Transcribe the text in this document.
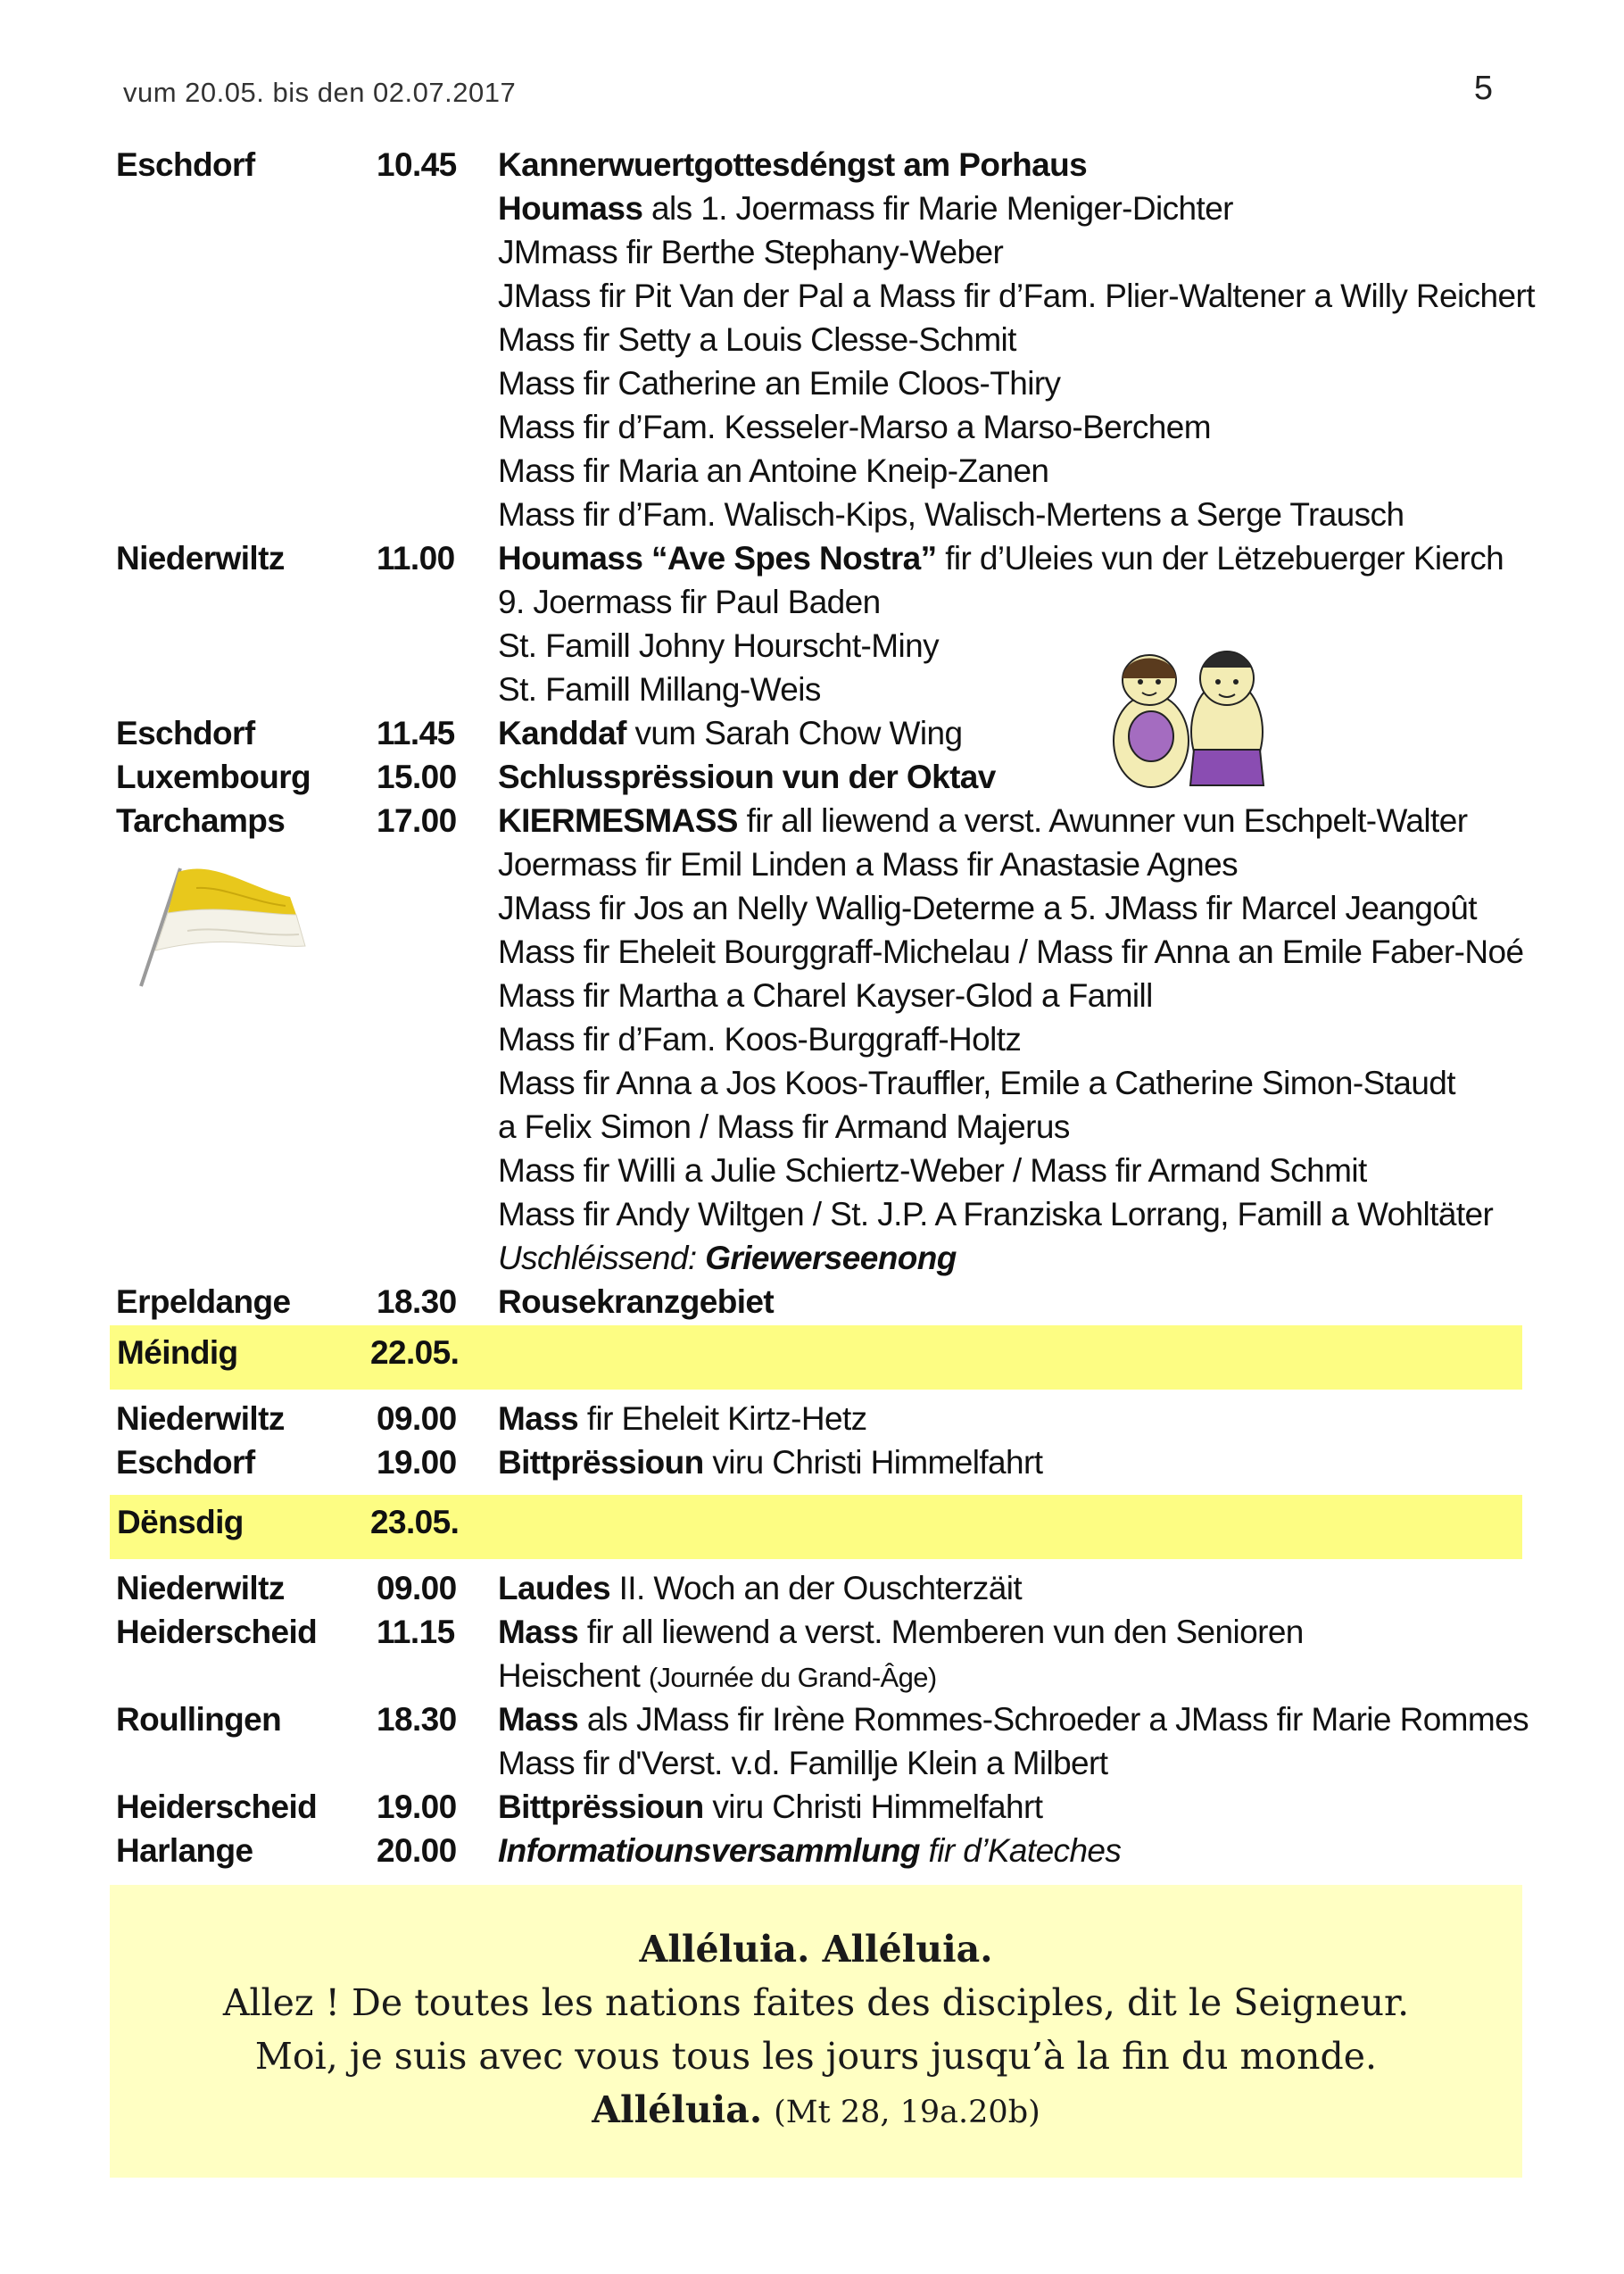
vum 20.05. bis den 02.07.2017	5
Eschdorf	10.45 Kannerwuertgottesdéngst am Porhaus
Houmass als 1. Joermass fir Marie Meniger-Dichter
JMmass fir Berthe Stephany-Weber
JMass fir Pit Van der Pal a Mass fir d’Fam. Plier-Waltener a Willy Reichert
Mass fir Setty a Louis Clesse-Schmit
Mass fir Catherine an Emile Cloos-Thiry
Mass fir d’Fam. Kesseler-Marso a Marso-Berchem
Mass fir Maria an Antoine Kneip-Zanen
Mass fir d’Fam. Walisch-Kips, Walisch-Mertens a Serge Trausch
Niederwiltz	11.00 Houmass “Ave Spes Nostra” fir d’Uleies vun der Lëtzebuerger Kierch
9. Joermass fir Paul Baden
St. Famill Johny Hourscht-Miny
St. Famill Millang-Weis
Eschdorf	11.45 Kanddaf vum Sarah Chow Wing
Luxembourg 15.00 Schlussprëssioun vun der Oktav
Tarchamps	17.00 KIERMESMASS fir all liewend a verst. Awunner vun Eschpelt-Walter
Joermass fir Emil Linden a Mass fir Anastasie Agnes
JMass fir Jos an Nelly Wallig-Determe a 5. JMass fir Marcel Jeangoût
Mass fir Eheleit Bourggraff-Michelau / Mass fir Anna an Emile Faber-Noé
Mass fir Martha a Charel Kayser-Glod a Famill
Mass fir d’Fam. Koos-Burggraff-Holtz
Mass fir Anna a Jos Koos-Trauffler, Emile a Catherine Simon-Staudt
a Felix Simon / Mass fir Armand Majerus
Mass fir Willi a Julie Schiertz-Weber / Mass fir Armand Schmit
Mass fir Andy Wiltgen / St. J.P. A Franziska Lorrang, Famill a Wohltäter
Uschléissend: Griewerseenong
Erpeldange	18.30 Rousekranzgebiet
Méindig	22.05.
Niederwiltz	09.00 Mass fir Eheleit Kirtz-Hetz
Eschdorf	19.00 Bittprëssioun viru Christi Himmelfahrt
Dënsdig	23.05.
Niederwiltz	09.00 Laudes II. Woch an der Ouschterzäit
Heiderscheid 11.15 Mass fir all liewend a verst. Memberen vun den Senioren
Heischent (Journée du Grand-Âge)
Roullingen	18.30 Mass als JMass fir Irène Rommes-Schroeder a JMass fir Marie Rommes
Mass fir d'Verst. v.d. Famillje Klein a Milbert
Heiderscheid 19.00 Bittprëssioun viru Christi Himmelfahrt
Harlange	20.00 Informatiounsversammlung fir d’Kateches
Alléluia. Alléluia.
Allez ! De toutes les nations faites des disciples, dit le Seigneur.
Moi, je suis avec vous tous les jours jusqu’à la fin du monde.
Alléluia. (Mt 28, 19a.20b)
